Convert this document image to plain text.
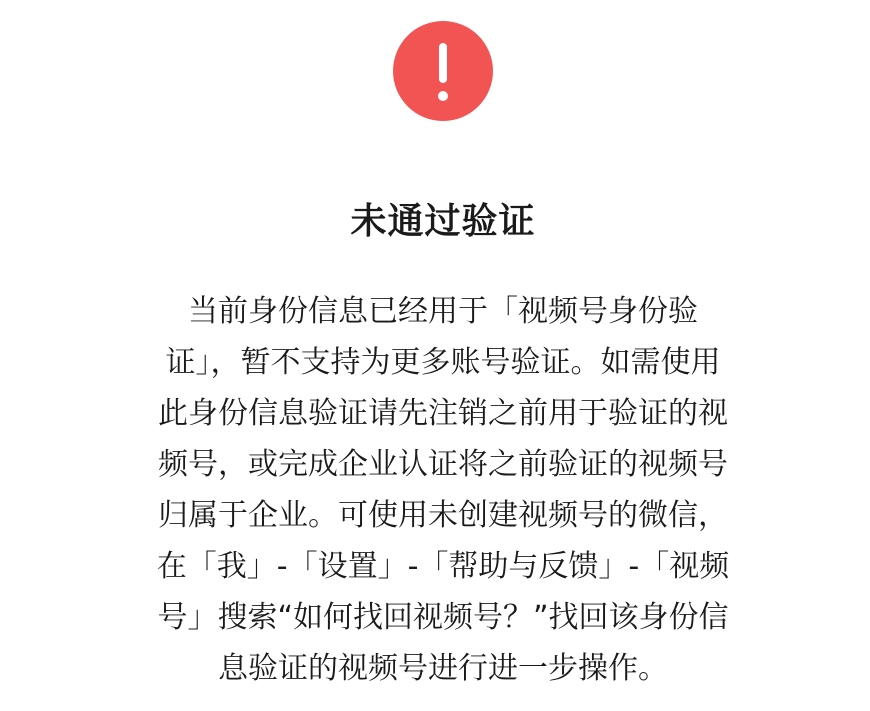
未通过验证

当前身份信息已经用于「视频号身份验
证」，暂不支持为更多账号验证。如需使用
此身份信息验证请先注销之前用于验证的视
频号，或完成企业认证将之前验证的视频号
归属于企业。可使用未创建视频号的微信，
在「我」-「设置」-「帮助与反馈」-「视频
号」搜索“如何找回视频号？”找回该身份信
息验证的视频号进行进一步操作。
